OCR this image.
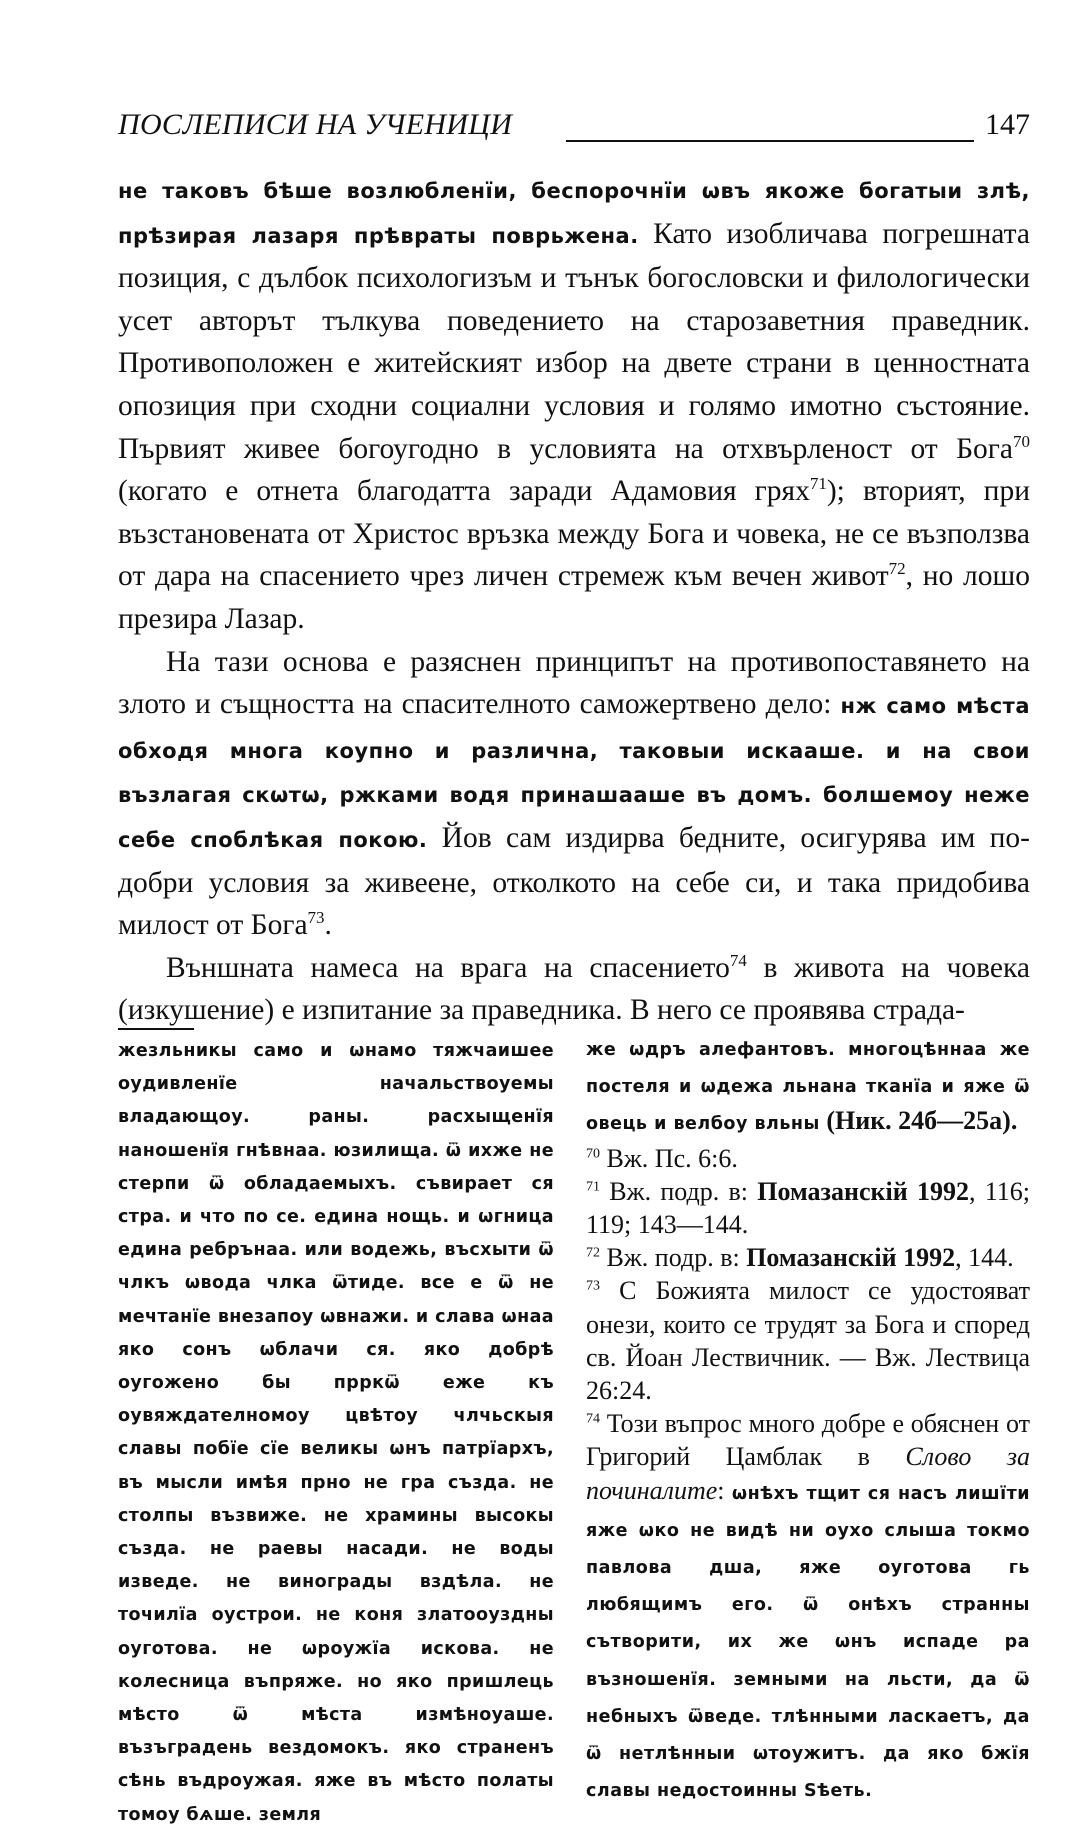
ПОСЛЕПИСИ НА УЧЕНИЦИ	147

не таковъ бѣше возлюбленїи, беспорочнїи ѡвъ якоже богатыи злѣ, прѣзирая лазаря прѣвраты поврьженa. Като изобличава погрешната позиция, с дълбок психологизъм и тънък богословски и филологически усет авторът тълкува поведението на старозаветния праведник. Противоположен е житейският избор на двете страни в ценностната опозиция при сходни социални условия и голямо имотно състояние. Първият живее богоугодно в условията на отхвърленост от Бога$^{70}$ (когато е отнета благодатта заради Адамовия грях$^{71}$); вторият, при възстановената от Христос връзка между Бога и човека, не се възползва от дара на спасението чрез личен стремеж към вечен живот$^{72}$, но лошо презира Лазар.

На тази основа е разяснен принципът на противопоставянето на злото и същността на спасителното саможертвено дело: нж само мѣста обходя многа коупно и различна, таковыи искааше. и на свои възлагая скѡтѡ, ржками водя принашааше въ домъ. болшемоу неже себе споблѣкая покою. Йов сам издирва бедните, осигурява им по-добри условия за живеене, отколкото на себе си, и така придобива милост от Бога$^{73}$.

Външната намеса на врага на спасението$^{74}$ в живота на човека (изкушение) е изпитание за праведника. В него се проявява страда-

жезльникы само и ѡнамо тяжчаишее оудивленїе начальствоуемы владающоу. раны. расхыщенїя наношенїя гнѣвнаа. юзилища. ѿ ихже не стерпи ѿ обладаемыхъ. съвирает ся стра. и что по се. единa нощь. и ѡгница едина ребрънаа. или водежь, въсхыти ѿ члкъ ѡвода члка ѿтиде. все е ѿ не мечтанїе внезапоу ѡвнажи. и слава ѡнаа яко сонъ ѡблачи ся. яко добрѣ оугожено бы прркѿ еже къ оувяждателномоу цвѣтоу члчьскыя славы побїе сїе великы ѡнъ патрїархъ, въ мысли имѣя прно не гра създа. не столпы възвиже. не храмины высокы създа. не раевы насади. не воды изведе. не винограды вздѣла. не точилїа оустрои. не коня златооуздны оуготова. не ѡроужїа искова. не колесница въпряже. но яко пришлець мѣсто ѿ мѣста измѣноуаше. възъградень вездомокъ. яко страненъ сѣнь въдроужая. яже въ мѣсто полаты томоу бѧше. земля

же ѡдръ алефантовъ. многоцѣннаа же постеля и ѡдежа льнана тканїа и яже ѿ овець и велбоу вльны (Ник. 24б—25а).

$^{70}$ Вж. Пс. 6:6.

$^{71}$ Вж. подр. в: Помазанскiй 1992, 116; 119; 143—144.

$^{72}$ Вж. подр. в: Помазанскiй 1992, 144.

$^{73}$ С Божията милост се удостояват онези, които се трудят за Бога и според св. Йоан Лествичник. — Вж. Лествица 26:24.

$^{74}$ Този въпрос много добре е обяснен от Григорий Цамблак в Слово за починалите: ѡнѣхъ тщит ся насъ лишїти яже ѡко не видѣ ни оухо слыша токмо павлова дша, яже оуготова гь любящимъ его. ѿ онѣхъ странны сътворити, их же ѡнъ испаде ра възношенїя. земными на льсти, да ѿ небныхъ ѿведе. тлѣнными ласкаетъ, да ѿ нетлѣнныи ѡтоужитъ. да яко бжїя славы недостоинны Ѕѣеть.
